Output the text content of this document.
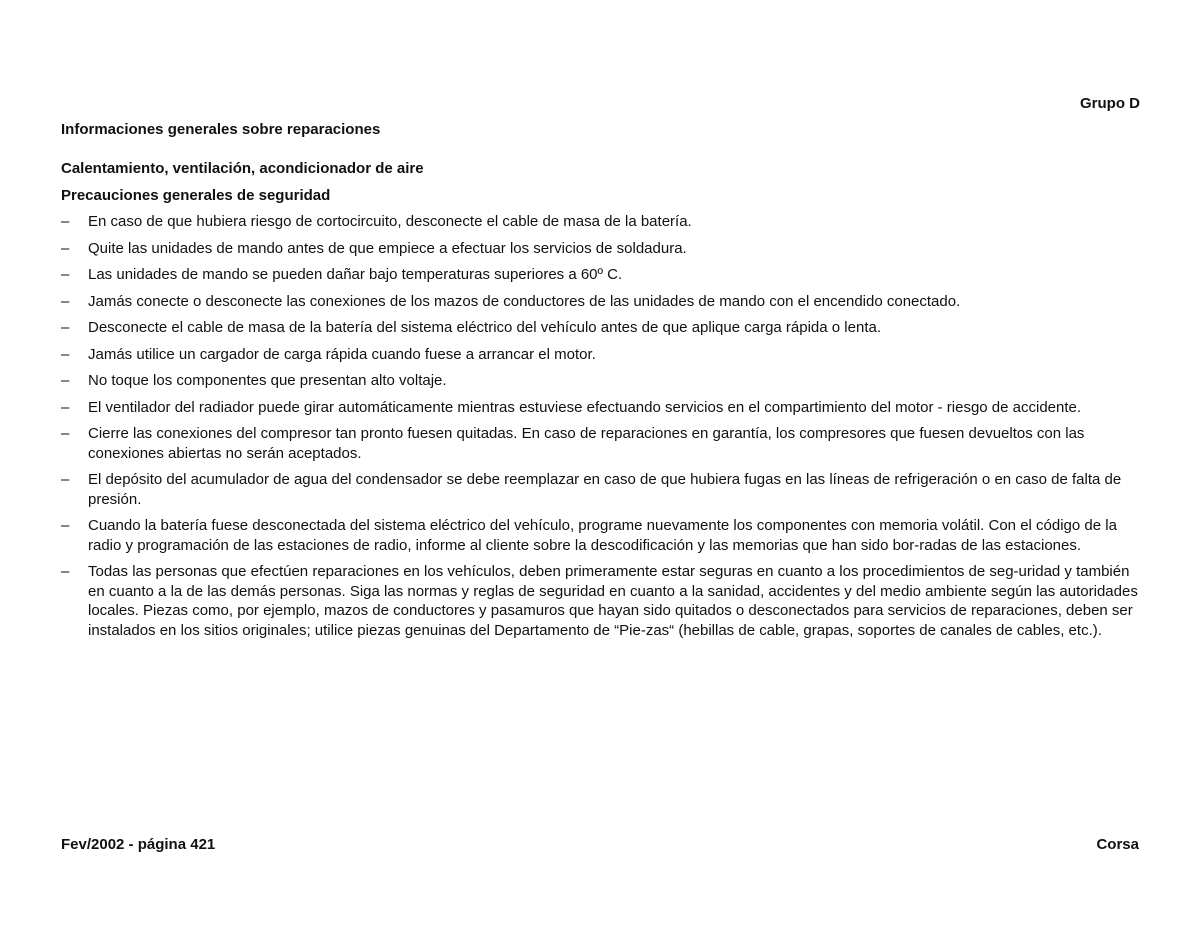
Grupo D
Informaciones generales sobre reparaciones
Calentamiento, ventilación, acondicionador de aire
Precauciones generales de seguridad
– En caso de que hubiera riesgo de cortocircuito, desconecte el cable de masa de la batería.
– Quite las unidades de mando antes de que empiece a efectuar los servicios de soldadura.
– Las unidades de mando se pueden dañar bajo temperaturas superiores a 60º C.
– Jamás conecte o desconecte las conexiones de los mazos de conductores de las unidades de mando con el encendido conectado.
– Desconecte el cable de masa de la batería del sistema eléctrico del vehículo antes de que aplique carga rápida o lenta.
– Jamás utilice un cargador de carga rápida cuando fuese a arrancar el motor.
– No toque los componentes que presentan alto voltaje.
– El ventilador del radiador puede girar automáticamente mientras estuviese efectuando servicios en el compartimiento del motor - riesgo de accidente.
– Cierre las conexiones del compresor tan pronto fuesen quitadas. En caso de reparaciones en garantía, los compresores que fuesen devueltos con las conexiones abiertas no serán aceptados.
– El depósito del acumulador de agua del condensador se debe reemplazar en caso de que hubiera fugas en las líneas de refrigeración o en caso de falta de presión.
– Cuando la batería fuese desconectada del sistema eléctrico del vehículo, programe nuevamente los componentes con memoria volátil. Con el código de la radio y programación de las estaciones de radio, informe al cliente sobre la descodificación y las memorias que han sido bor-radas de las estaciones.
– Todas las personas que efectúen reparaciones en los vehículos, deben primeramente estar seguras en cuanto a los procedimientos de seg-uridad y también en cuanto a la de las demás personas. Siga las normas y reglas de seguridad en cuanto a la sanidad, accidentes y del medio ambiente según las autoridades locales. Piezas como, por ejemplo, mazos de conductores y pasamuros que hayan sido quitados o desconectados para servicios de reparaciones, deben ser instalados en los sitios originales; utilice piezas genuinas del Departamento de “Pie-zas“ (hebillas de cable, grapas, soportes de canales de cables, etc.).
Fev/2002 - página 421	Corsa
